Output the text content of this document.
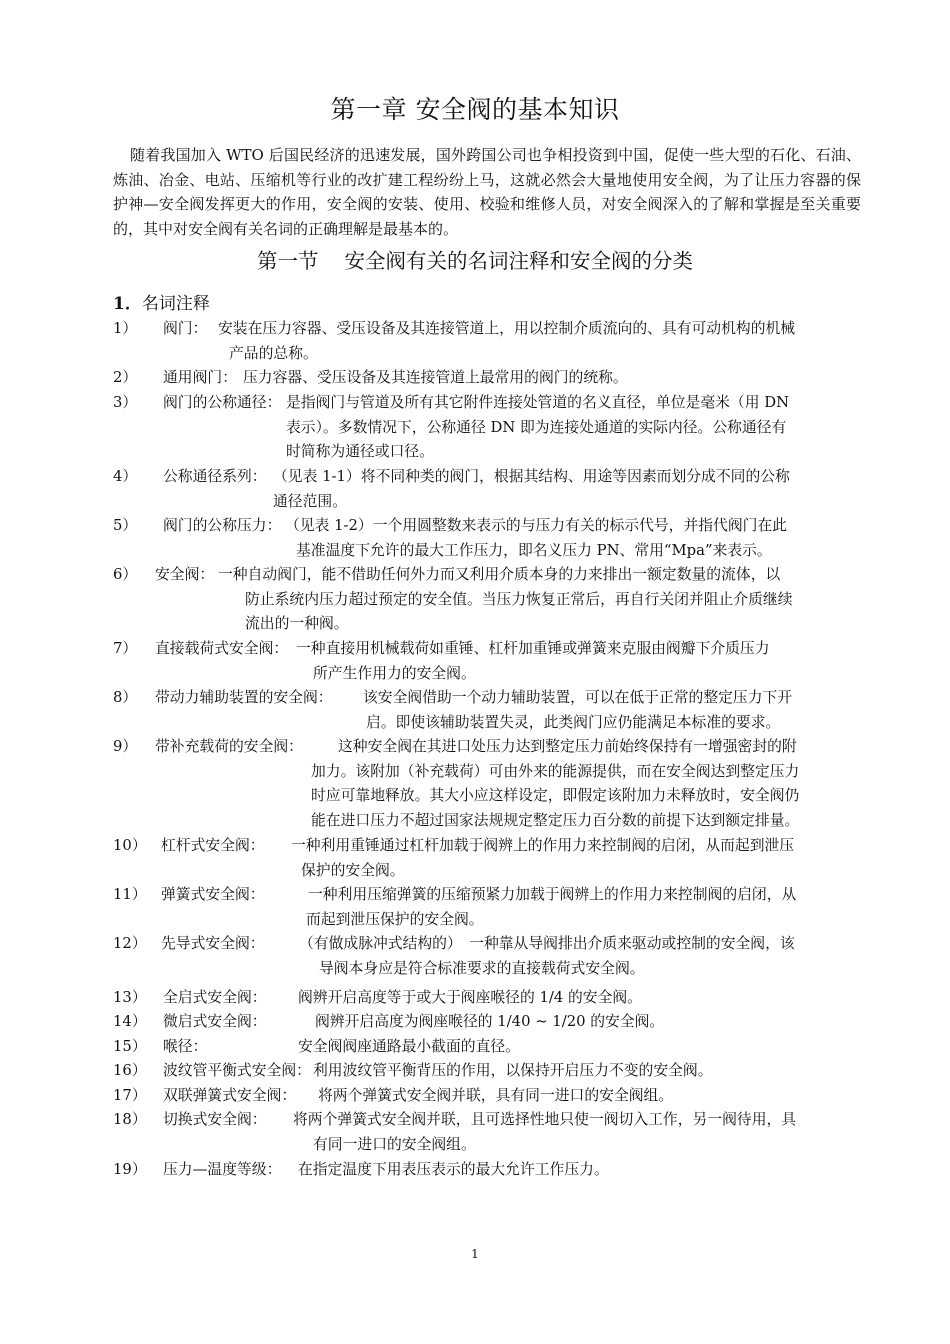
第一章 安全阀的基本知识
随着我国加入 WTO 后国民经济的迅速发展，国外跨国公司也争相投资到中国，促使一些大型的石化、石油、炼油、冶金、电站、压缩机等行业的改扩建工程纷纷上马，这就必然会大量地使用安全阀，为了让压力容器的保护神—安全阀发挥更大的作用，安全阀的安装、使用、校验和维修人员，对安全阀深入的了解和掌握是至关重要的，其中对安全阀有关名词的正确理解是最基本的。
第一节 安全阀有关的名词注释和安全阀的分类
1．名词注释
1） 阀门： 安装在压力容器、受压设备及其连接管道上，用以控制介质流向的、具有可动机构的机械
产品的总称。
2） 通用阀门： 压力容器、受压设备及其连接管道上最常用的阀门的统称。
3） 阀门的公称通径： 是指阀门与管道及所有其它附件连接处管道的名义直径，单位是毫米（用 DN
表示）。多数情况下，公称通径 DN 即为连接处通道的实际内径。公称通径有
时简称为通径或口径。
4） 公称通径系列： （见表 1-1）将不同种类的阀门，根据其结构、用途等因素而划分成不同的公称
通径范围。
5） 阀门的公称压力： （见表 1-2）一个用圆整数来表示的与压力有关的标示代号，并指代阀门在此
基准温度下允许的最大工作压力，即名义压力 PN、常用“Mpa”来表示。
6） 安全阀： 一种自动阀门，能不借助任何外力而又利用介质本身的力来排出一额定数量的流体，以
防止系统内压力超过预定的安全值。当压力恢复正常后，再自行关闭并阻止介质继续
流出的一种阀。
7） 直接载荷式安全阀： 一种直接用机械载荷如重锤、杠杆加重锤或弹簧来克服由阀瓣下介质压力
所产生作用力的安全阀。
8） 带动力辅助装置的安全阀：	该安全阀借助一个动力辅助装置，可以在低于正常的整定压力下开
启。即使该辅助装置失灵，此类阀门应仍能满足本标准的要求。
9） 带补充载荷的安全阀：	这种安全阀在其进口处压力达到整定压力前始终保持有一增强密封的附
加力。该附加（补充载荷）可由外来的能源提供，而在安全阀达到整定压力
时应可靠地释放。其大小应这样设定，即假定该附加力未释放时，安全阀仍
能在进口压力不超过国家法规规定整定压力百分数的前提下达到额定排量。
10） 杠杆式安全阀：	一种利用重锤通过杠杆加载于阀辨上的作用力来控制阀的启闭，从而起到泄压
保护的安全阀。
11） 弹簧式安全阀：	一种利用压缩弹簧的压缩预紧力加载于阀辨上的作用力来控制阀的启闭，从
而起到泄压保护的安全阀。
12） 先导式安全阀：	（有做成脉冲式结构的）　一种靠从导阀排出介质来驱动或控制的安全阀，该
导阀本身应是符合标准要求的直接载荷式安全阀。
13） 全启式安全阀：	阀辨开启高度等于或大于阀座喉径的 1/4 的安全阀。
14） 微启式安全阀：	阀辨开启高度为阀座喉径的 1/40 ~ 1/20 的安全阀。
15） 喉径：	安全阀阀座通路最小截面的直径。
16） 波纹管平衡式安全阀： 利用波纹管平衡背压的作用，以保持开启压力不变的安全阀。
17） 双联弹簧式安全阀：	将两个弹簧式安全阀并联，具有同一进口的安全阀组。
18） 切换式安全阀：	将两个弹簧式安全阀并联，且可选择性地只使一阀切入工作，另一阀待用，具
有同一进口的安全阀组。
19） 压力—温度等级：	在指定温度下用表压表示的最大允许工作压力。
1
